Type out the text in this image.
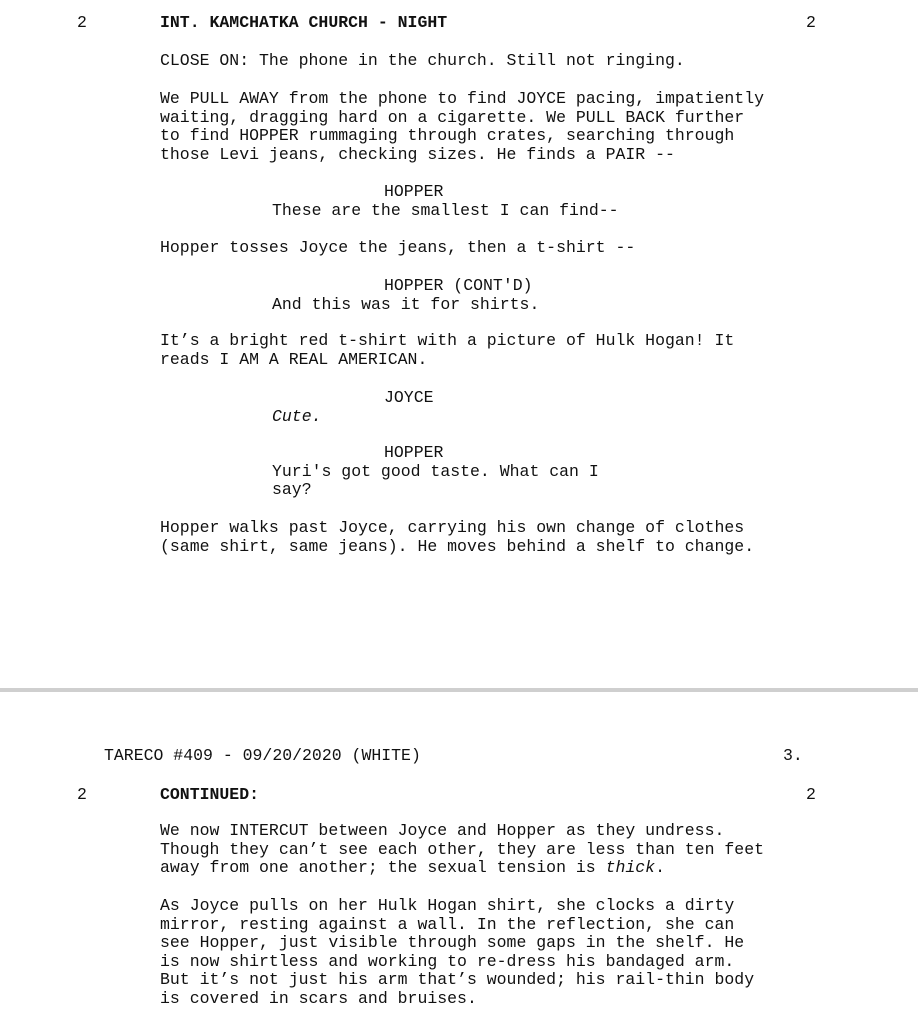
2	INT. KAMCHATKA CHURCH - NIGHT	2
CLOSE ON: The phone in the church. Still not ringing.
We PULL AWAY from the phone to find JOYCE pacing, impatiently
waiting, dragging hard on a cigarette. We PULL BACK further
to find HOPPER rummaging through crates, searching through
those Levi jeans, checking sizes. He finds a PAIR --
HOPPER
These are the smallest I can find--
Hopper tosses Joyce the jeans, then a t-shirt --
HOPPER (CONT'D)
And this was it for shirts.
It’s a bright red t-shirt with a picture of Hulk Hogan! It
reads I AM A REAL AMERICAN.
JOYCE
Cute.
HOPPER
Yuri's got good taste. What can I
say?
Hopper walks past Joyce, carrying his own change of clothes
(same shirt, same jeans). He moves behind a shelf to change.
TARECO #409 - 09/20/2020 (WHITE)	3.
2	CONTINUED:	2
We now INTERCUT between Joyce and Hopper as they undress.
Though they can’t see each other, they are less than ten feet
away from one another; the sexual tension is thick.
As Joyce pulls on her Hulk Hogan shirt, she clocks a dirty
mirror, resting against a wall. In the reflection, she can
see Hopper, just visible through some gaps in the shelf. He
is now shirtless and working to re-dress his bandaged arm.
But it’s not just his arm that’s wounded; his rail-thin body
is covered in scars and bruises.
